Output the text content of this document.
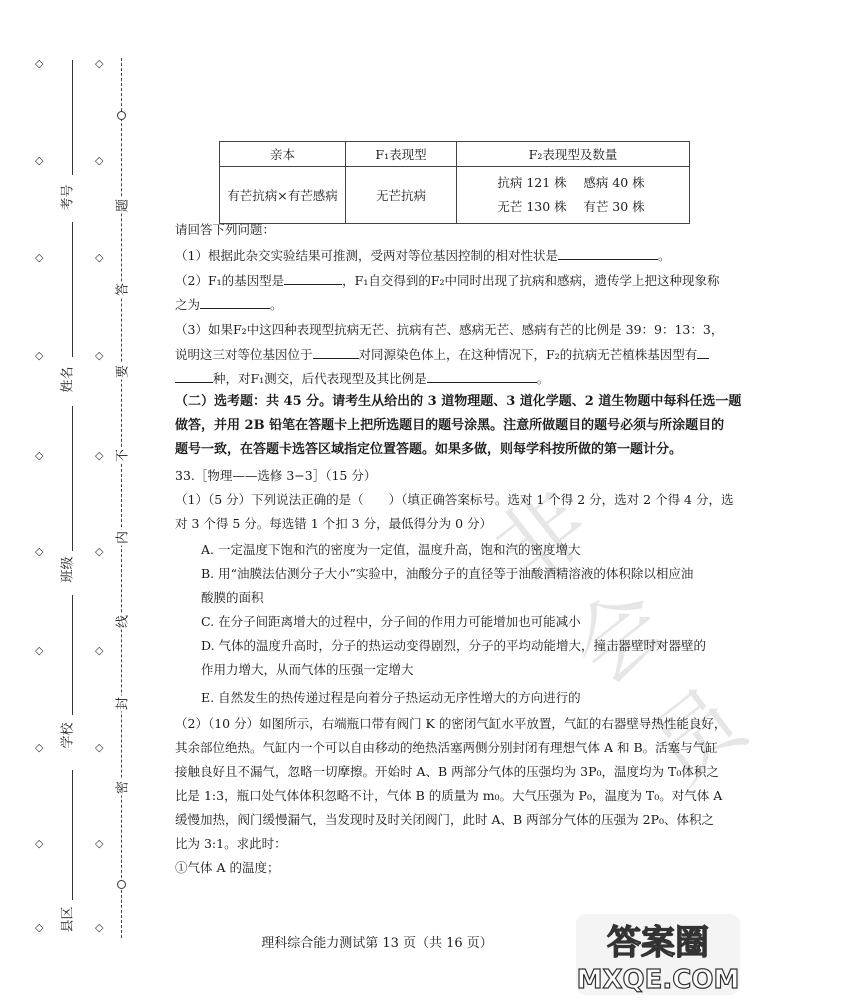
◇
◇
◇
◇
◇
◇
◇
◇
◇
◇
◇
◇
◇
◇
◇
◇
◇
◇
◇
◇
考号
姓名
班级
学校
县区
题
答
要
不
内
线
封
密
非会员
亲本	F₁表现型	F₂表现型及数量
有芒抗病×有芒感病	无芒抗病	抗病 121 株 感病 40 株
无芒 130 株 有芒 30 株
请回答下列问题：
（1）根据此杂交实验结果可推测，受两对等位基因控制的相对性状是	。
（2）F₁的基因型是	，F₁自交得到的F₂中同时出现了抗病和感病，遗传学上把这种现象称
之为	。
（3）如果F₂中这四种表现型抗病无芒、抗病有芒、感病无芒、感病有芒的比例是 39：9：13：3，
说明这三对等位基因位于	对同源染色体上，在这种情况下，F₂的抗病无芒植株基因型有
种，对F₁测交，后代表现型及其比例是	。
（二）选考题：共 45 分。请考生从给出的 3 道物理题、3 道化学题、2 道生物题中每科任选一题
做答，并用 2B 铅笔在答题卡上把所选题目的题号涂黑。注意所做题目的题号必须与所涂题目的
题号一致，在答题卡选答区域指定位置答题。如果多做，则每学科按所做的第一题计分。
33.［物理——选修 3−3］（15 分）
（1）（5 分）下列说法正确的是（　　）（填正确答案标号。选对 1 个得 2 分，选对 2 个得 4 分，选
对 3 个得 5 分。每选错 1 个扣 3 分，最低得分为 0 分）
A. 一定温度下饱和汽的密度为一定值，温度升高，饱和汽的密度增大
B. 用“油膜法估测分子大小”实验中，油酸分子的直径等于油酸酒精溶液的体积除以相应油
酸膜的面积
C. 在分子间距离增大的过程中，分子间的作用力可能增加也可能减小
D. 气体的温度升高时，分子的热运动变得剧烈，分子的平均动能增大，撞击器壁时对器壁的
作用力增大，从而气体的压强一定增大
E. 自然发生的热传递过程是向着分子热运动无序性增大的方向进行的
（2）（10 分）如图所示，右端瓶口带有阀门 K 的密闭气缸水平放置，气缸的右器壁导热性能良好，
其余部位绝热。气缸内一个可以自由移动的绝热活塞两侧分别封闭有理想气体 A 和 B。活塞与气缸
接触良好且不漏气，忽略一切摩擦。开始时 A、B 两部分气体的压强均为 3P₀，温度均为 T₀体积之
比是 1:3，瓶口处气体体积忽略不计，气体 B 的质量为 m₀。大气压强为 P₀，温度为 T₀。对气体 A
缓慢加热，阀门缓慢漏气，当发现时及时关闭阀门，此时 A、B 两部分气体的压强为 2P₀、体积之
比为 3:1。求此时：
①气体 A 的温度；
理科综合能力测试第 13 页（共 16 页）	答案圈
MXQE.COM
